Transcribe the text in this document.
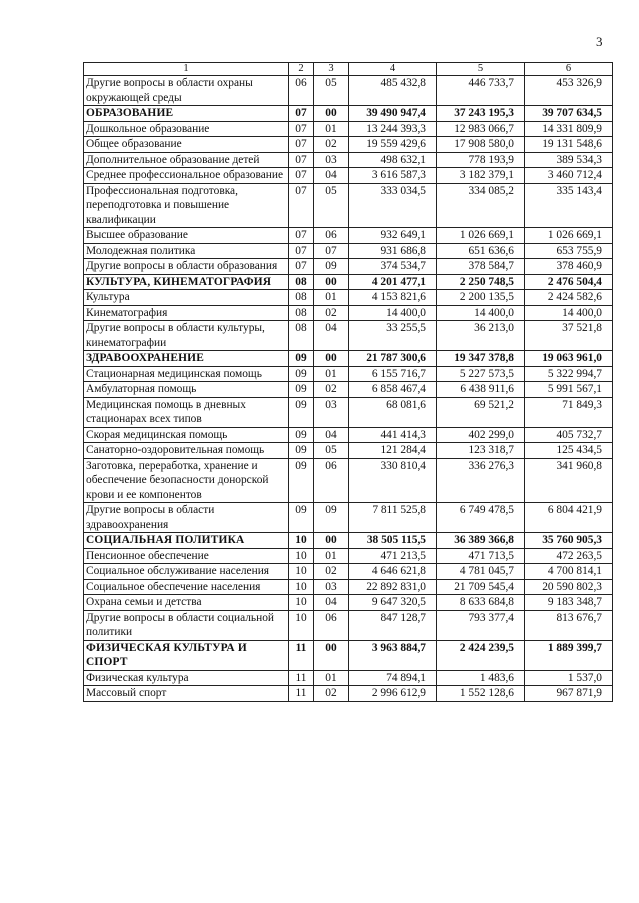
3
1	2	3	4	5	6
Другие вопросы в области охраны окружающей среды	06	05	485 432,8	446 733,7	453 326,9
ОБРАЗОВАНИЕ	07	00	39 490 947,4	37 243 195,3	39 707 634,5
Дошкольное образование	07	01	13 244 393,3	12 983 066,7	14 331 809,9
Общее образование	07	02	19 559 429,6	17 908 580,0	19 131 548,6
Дополнительное образование детей	07	03	498 632,1	778 193,9	389 534,3
Среднее профессиональное образование	07	04	3 616 587,3	3 182 379,1	3 460 712,4
Профессиональная подготовка, переподготовка и повышение квалификации	07	05	333 034,5	334 085,2	335 143,4
Высшее образование	07	06	932 649,1	1 026 669,1	1 026 669,1
Молодежная политика	07	07	931 686,8	651 636,6	653 755,9
Другие вопросы в области образования	07	09	374 534,7	378 584,7	378 460,9
КУЛЬТУРА, КИНЕМАТОГРАФИЯ	08	00	4 201 477,1	2 250 748,5	2 476 504,4
Культура	08	01	4 153 821,6	2 200 135,5	2 424 582,6
Кинематография	08	02	14 400,0	14 400,0	14 400,0
Другие вопросы в области культуры, кинематографии	08	04	33 255,5	36 213,0	37 521,8
ЗДРАВООХРАНЕНИЕ	09	00	21 787 300,6	19 347 378,8	19 063 961,0
Стационарная медицинская помощь	09	01	6 155 716,7	5 227 573,5	5 322 994,7
Амбулаторная помощь	09	02	6 858 467,4	6 438 911,6	5 991 567,1
Медицинская помощь в дневных стационарах всех типов	09	03	68 081,6	69 521,2	71 849,3
Скорая медицинская помощь	09	04	441 414,3	402 299,0	405 732,7
Санаторно-оздоровительная помощь	09	05	121 284,4	123 318,7	125 434,5
Заготовка, переработка, хранение и обеспечение безопасности донорской крови и ее компонентов	09	06	330 810,4	336 276,3	341 960,8
Другие вопросы в области здравоохранения	09	09	7 811 525,8	6 749 478,5	6 804 421,9
СОЦИАЛЬНАЯ ПОЛИТИКА	10	00	38 505 115,5	36 389 366,8	35 760 905,3
Пенсионное обеспечение	10	01	471 213,5	471 713,5	472 263,5
Социальное обслуживание населения	10	02	4 646 621,8	4 781 045,7	4 700 814,1
Социальное обеспечение населения	10	03	22 892 831,0	21 709 545,4	20 590 802,3
Охрана семьи и детства	10	04	9 647 320,5	8 633 684,8	9 183 348,7
Другие вопросы в области социальной политики	10	06	847 128,7	793 377,4	813 676,7
ФИЗИЧЕСКАЯ КУЛЬТУРА И СПОРТ	11	00	3 963 884,7	2 424 239,5	1 889 399,7
Физическая культура	11	01	74 894,1	1 483,6	1 537,0
Массовый спорт	11	02	2 996 612,9	1 552 128,6	967 871,9
